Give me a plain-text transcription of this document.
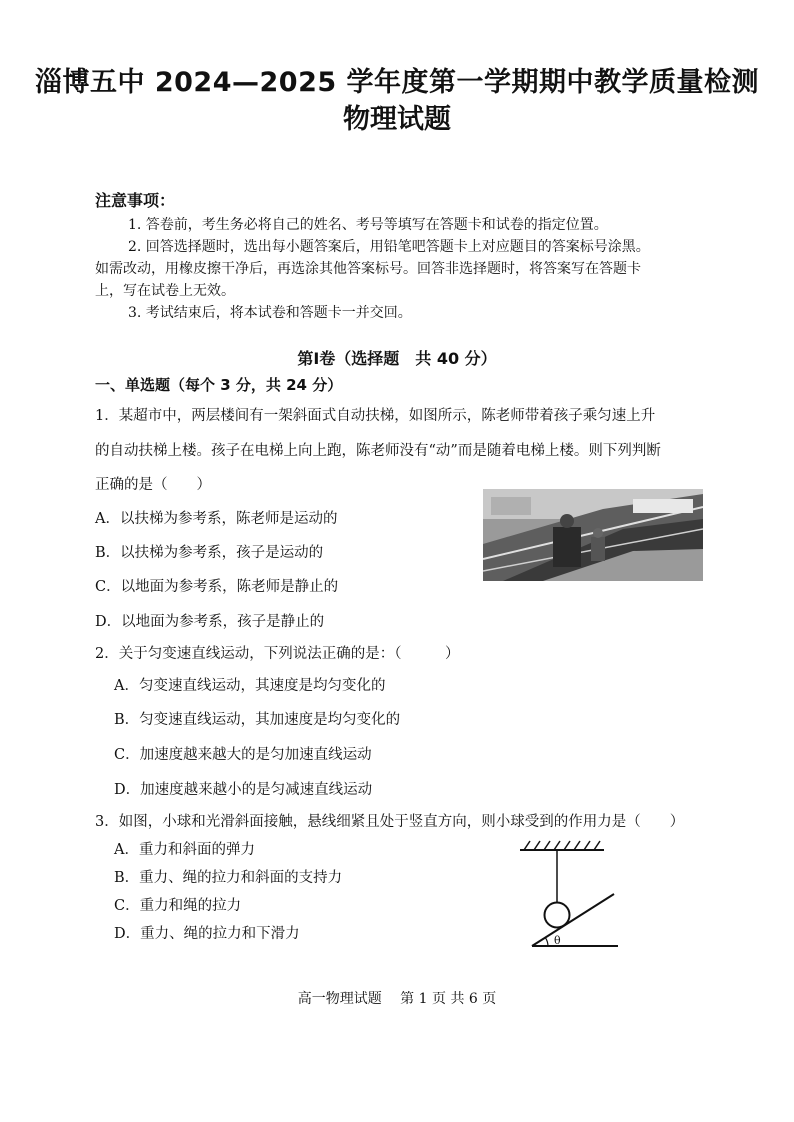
淄博五中 2024—2025 学年度第一学期期中教学质量检测
物理试题
注意事项：
1. 答卷前，考生务必将自己的姓名、考号等填写在答题卡和试卷的指定位置。
2. 回答选择题时，选出每小题答案后，用铅笔吧答题卡上对应题目的答案标号涂黑。
如需改动，用橡皮擦干净后，再选涂其他答案标号。回答非选择题时，将答案写在答题卡
上，写在试卷上无效。
3. 考试结束后，将本试卷和答题卡一并交回。
第Ⅰ卷（选择题　共 40 分）
一、单选题（每个 3 分，共 24 分）
1．某超市中，两层楼间有一架斜面式自动扶梯，如图所示，陈老师带着孩子乘匀速上升
的自动扶梯上楼。孩子在电梯上向上跑，陈老师没有“动”而是随着电梯上楼。则下列判断
正确的是（　　）
A．以扶梯为参考系，陈老师是运动的
B．以扶梯为参考系，孩子是运动的
C．以地面为参考系，陈老师是静止的
D．以地面为参考系，孩子是静止的
2．关于匀变速直线运动，下列说法正确的是：（　　　）
A．匀变速直线运动，其速度是均匀变化的
B．匀变速直线运动，其加速度是均匀变化的
C．加速度越来越大的是匀加速直线运动
D．加速度越来越小的是匀减速直线运动
3．如图，小球和光滑斜面接触，悬线细紧且处于竖直方向，则小球受到的作用力是（　　）
A．重力和斜面的弹力
B．重力、绳的拉力和斜面的支持力
C．重力和绳的拉力
D．重力、绳的拉力和下滑力	θ
高一物理试题　 第 1 页 共 6 页
